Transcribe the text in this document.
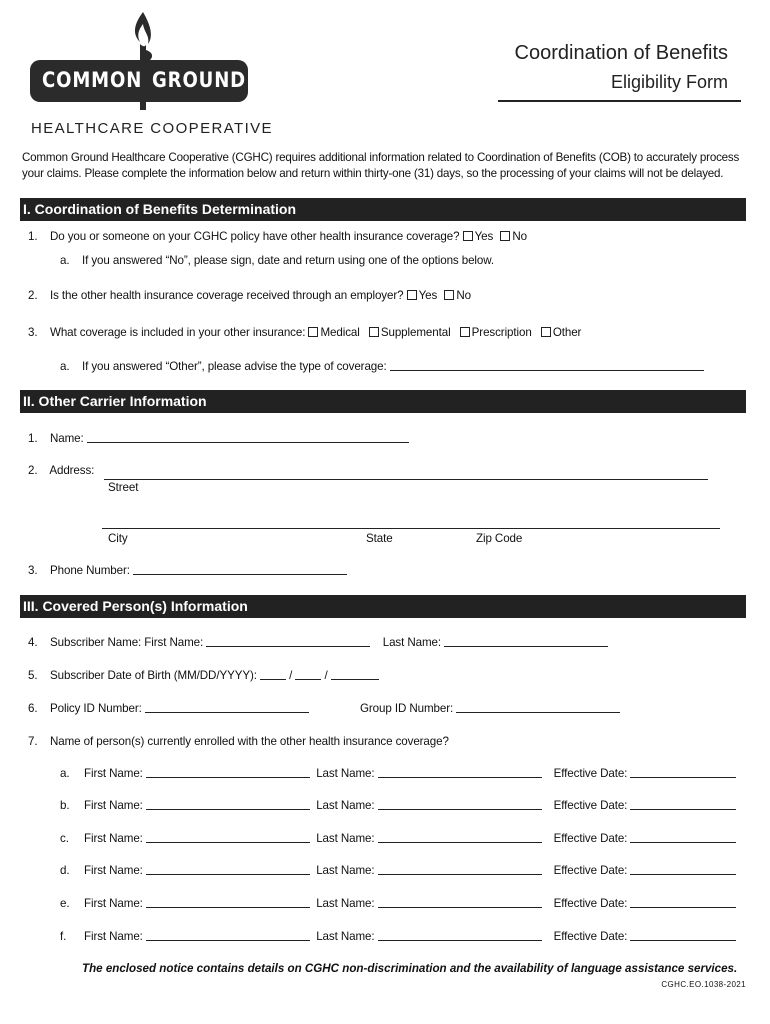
COMMON GROUND
HEALTHCARE COOPERATIVE
Coordination of Benefits
Eligibility Form
Common Ground Healthcare Cooperative (CGHC) requires additional information related to Coordination of Benefits (COB) to accurately process your claims. Please complete the information below and return within thirty-one (31) days, so the processing of your claims will not be delayed.
I. Coordination of Benefits Determination
1. Do you or someone on your CGHC policy have other health insurance coverage? Yes No
a. If you answered “No”, please sign, date and return using one of the options below.
2. Is the other health insurance coverage received through an employer? Yes No
3. What coverage is included in your other insurance: Medical Supplemental Prescription Other
a. If you answered “Other”, please advise the type of coverage:
II. Other Carrier Information
1. Name:
2. Address:
Street
City	State	Zip Code
3. Phone Number:
III. Covered Person(s) Information
4. Subscriber Name: First Name:	Last Name:
5. Subscriber Date of Birth (MM/DD/YYYY):	/  /
6. Policy ID Number:	Group ID Number:
7. Name of person(s) currently enrolled with the other health insurance coverage?
a. First Name:	Last Name:	Effective Date:
b. First Name:	Last Name:	Effective Date:
c. First Name:	Last Name:	Effective Date:
d. First Name:	Last Name:	Effective Date:
e. First Name:	Last Name:	Effective Date:
f. First Name:	Last Name:	Effective Date:
The enclosed notice contains details on CGHC non-discrimination and the availability of language assistance services.
CGHC.EO.1038-2021
